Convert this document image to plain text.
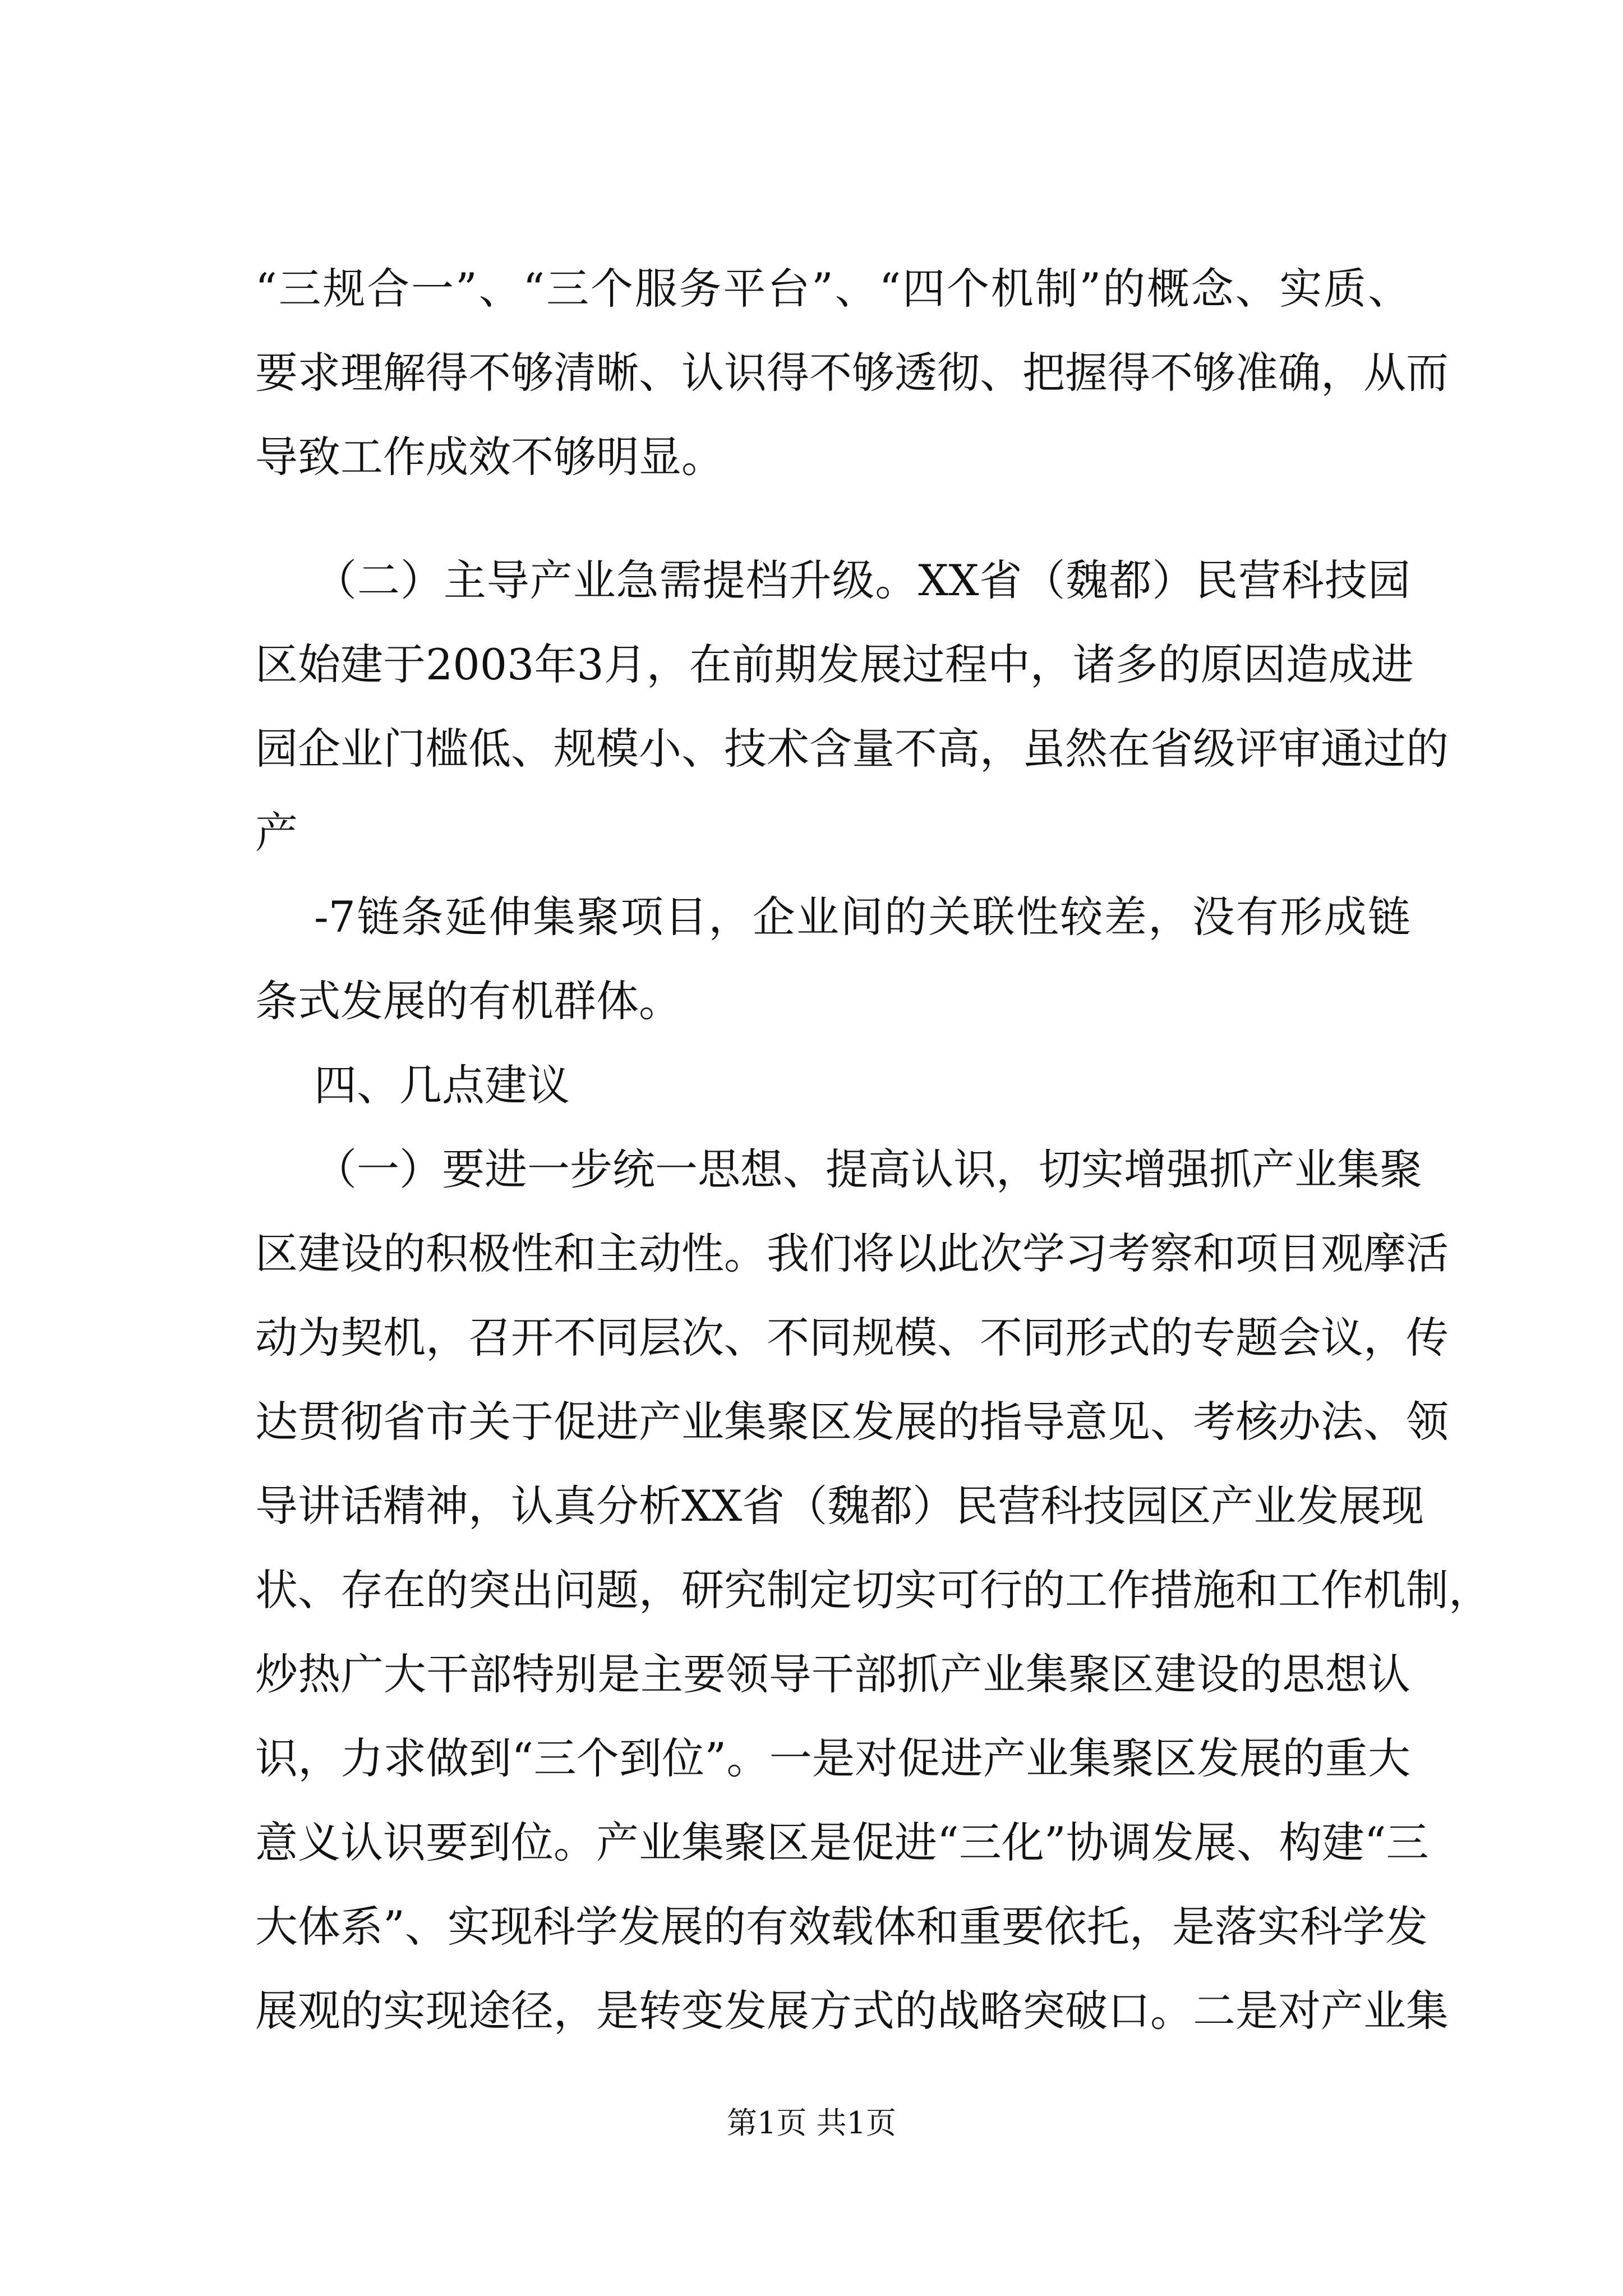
“三规合一”、“三个服务平台”、“四个机制”的概念、实质、
要求理解得不够清晰、认识得不够透彻、把握得不够准确，从而
导致工作成效不够明显。
（二）主导产业急需提档升级。XX省（魏都）民营科技园
区始建于2003年3月，在前期发展过程中，诸多的原因造成进
园企业门槛低、规模小、技术含量不高，虽然在省级评审通过的
产
-7链条延伸集聚项目，企业间的关联性较差，没有形成链
条式发展的有机群体。
四、几点建议
（一）要进一步统一思想、提高认识，切实增强抓产业集聚
区建设的积极性和主动性。我们将以此次学习考察和项目观摩活
动为契机，召开不同层次、不同规模、不同形式的专题会议，传
达贯彻省市关于促进产业集聚区发展的指导意见、考核办法、领
导讲话精神，认真分析XX省（魏都）民营科技园区产业发展现
状、存在的突出问题，研究制定切实可行的工作措施和工作机制，
炒热广大干部特别是主要领导干部抓产业集聚区建设的思想认
识，力求做到“三个到位”。一是对促进产业集聚区发展的重大
意义认识要到位。产业集聚区是促进“三化”协调发展、构建“三
大体系”、实现科学发展的有效载体和重要依托，是落实科学发
展观的实现途径，是转变发展方式的战略突破口。二是对产业集
第1页 共1页
